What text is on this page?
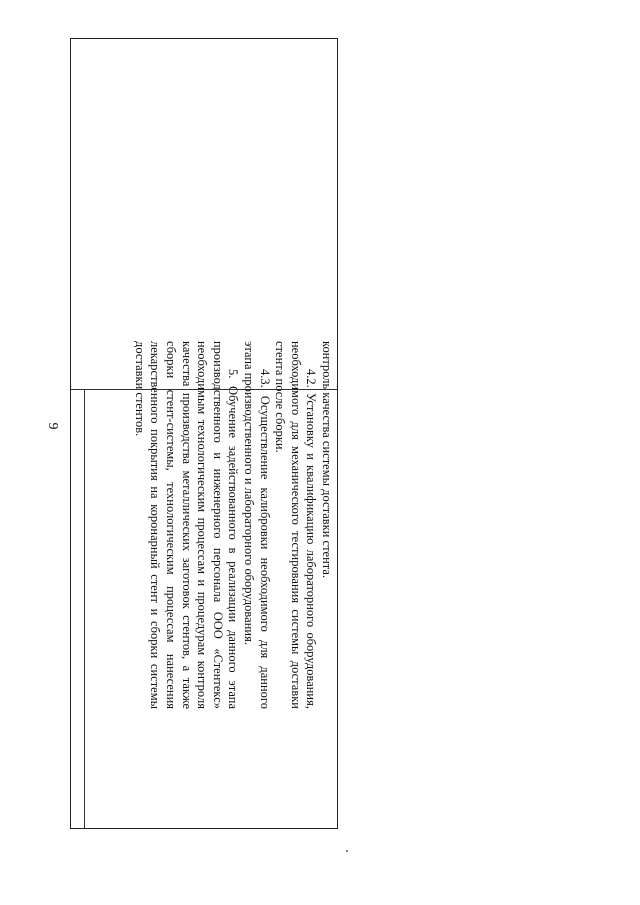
9	контроль качества системы доставки стента.

4.2. Установку и квалификацию лабораторного оборудования, необходимого для механического тестирования системы доставки стента после сборки.

4.3. Осуществление калибровки необходимого для данного этапа производственного и лабораторного оборудования.

5. Обучение задействованного в реализации данного этапа производственного и инженерного персонала ООО «Стентекс» необходимым технологическим процессам и процедурам контроля качества производства металлических заготовок стентов, а также сборки стент-системы, технологическим процессам нанесения лекарственного покрытия на коронарный стент и сборки системы доставки стентов.
